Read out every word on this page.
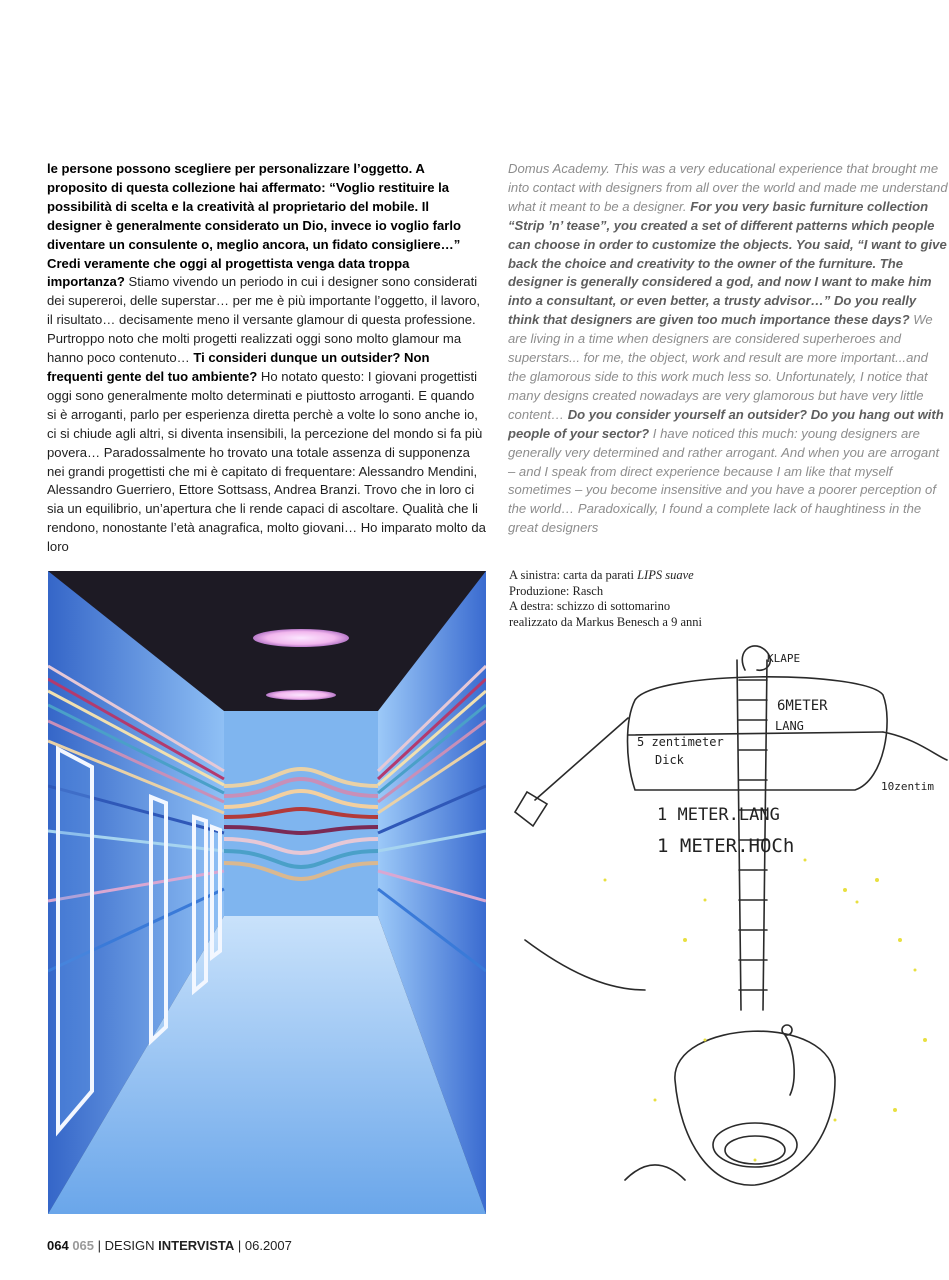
le persone possono scegliere per personalizzare l’oggetto. A proposito di questa collezione hai affermato: “Voglio restituire la possibilità di scelta e la creatività al proprietario del mobile. Il designer è generalmente considerato un Dio, invece io voglio farlo diventare un consulente o, meglio ancora, un fidato consigliere…” Credi veramente che oggi al progettista venga data troppa importanza? Stiamo vivendo un periodo in cui i designer sono considerati dei supereroi, delle superstar… per me è più importante l’oggetto, il lavoro, il risultato… decisamente meno il versante glamour di questa professione. Purtroppo noto che molti progetti realizzati oggi sono molto glamour ma hanno poco contenuto… Ti consideri dunque un outsider? Non frequenti gente del tuo ambiente? Ho notato questo: I giovani progettisti oggi sono generalmente molto determinati e piuttosto arroganti. E quando si è arroganti, parlo per esperienza diretta perchè a volte lo sono anche io, ci si chiude agli altri, si diventa insensibili, la percezione del mondo si fa più povera… Paradossalmente ho trovato una totale assenza di supponenza nei grandi progettisti che mi è capitato di frequentare: Alessandro Mendini, Alessandro Guerriero, Ettore Sottsass, Andrea Branzi. Trovo che in loro ci sia un equilibrio, un’apertura che li rende capaci di ascoltare. Qualità che li rendono, nonostante l’età anagrafica, molto giovani… Ho imparato molto da loro

Domus Academy. This was a very educational experience that brought me into contact with designers from all over the world and made me understand what it meant to be a designer. For you very basic furniture collection “Strip ’n’ tease”, you created a set of different patterns which people can choose in order to customize the objects. You said, “I want to give back the choice and creativity to the owner of the furniture. The designer is generally considered a god, and now I want to make him into a consultant, or even better, a trusty advisor…” Do you really think that designers are given too much importance these days? We are living in a time when designers are considered superheroes and superstars... for me, the object, work and result are more important...and the glamorous side to this work much less so. Unfortunately, I notice that many designs created nowadays are very glamorous but have very little content… Do you consider yourself an outsider? Do you hang out with people of your sector? I have noticed this much: young designers are generally very determined and rather arrogant. And when you are arrogant – and I speak from direct experience because I am like that myself sometimes – you become insensitive and you have a poorer perception of the world… Paradoxically, I found a complete lack of haughtiness in the great designers

A sinistra: carta da parati LIPS suave
Produzione: Rasch
A destra: schizzo di sottomarino
realizzato da Markus Benesch a 9 anni
KLAPE
6METER
LANG
5 zentimeter
Dick
10zentim
1 METER.LANG
1 METER.HOCh
064 065 | DESIGN INTERVISTA | 06.2007
